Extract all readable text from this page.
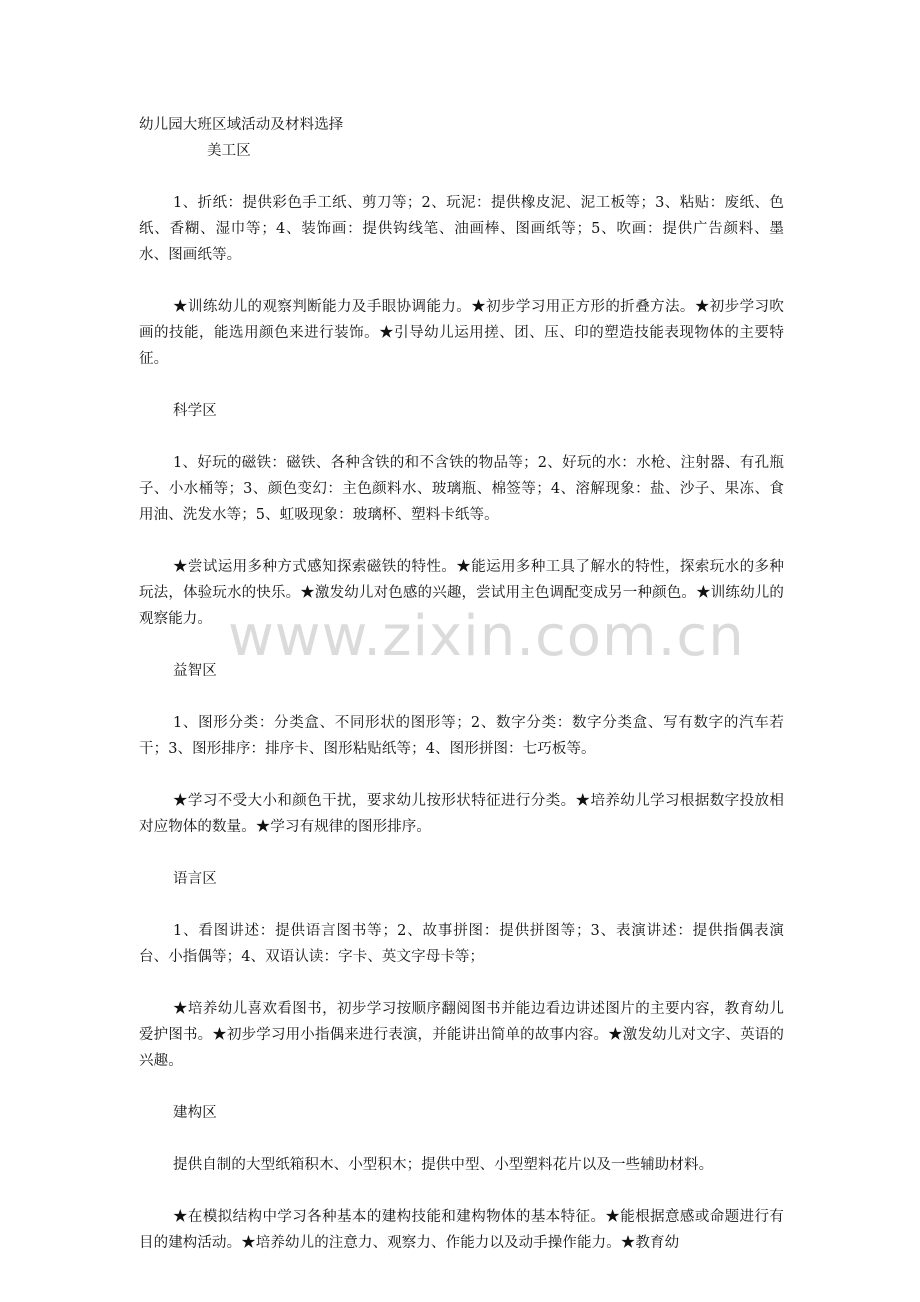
幼儿园大班区域活动及材料选择

美工区

1、折纸：提供彩色手工纸、剪刀等；2、玩泥：提供橡皮泥、泥工板等；3、粘贴：废纸、色纸、香糊、湿巾等；4、装饰画：提供钩线笔、油画棒、图画纸等；5、吹画：提供广告颜料、墨水、图画纸等。

★训练幼儿的观察判断能力及手眼协调能力。★初步学习用正方形的折叠方法。★初步学习吹画的技能，能选用颜色来进行装饰。★引导幼儿运用搓、团、压、印的塑造技能表现物体的主要特征。

科学区

1、好玩的磁铁：磁铁、各种含铁的和不含铁的物品等；2、好玩的水：水枪、注射器、有孔瓶子、小水桶等；3、颜色变幻：主色颜料水、玻璃瓶、棉签等；4、溶解现象：盐、沙子、果冻、食用油、洗发水等；5、虹吸现象：玻璃杯、塑料卡纸等。

★尝试运用多种方式感知探索磁铁的特性。★能运用多种工具了解水的特性，探索玩水的多种玩法，体验玩水的快乐。★激发幼儿对色感的兴趣，尝试用主色调配变成另一种颜色。★训练幼儿的观察能力。

益智区

1、图形分类：分类盒、不同形状的图形等；2、数字分类：数字分类盒、写有数字的汽车若干；3、图形排序：排序卡、图形粘贴纸等；4、图形拼图：七巧板等。

★学习不受大小和颜色干扰，要求幼儿按形状特征进行分类。★培养幼儿学习根据数字投放相对应物体的数量。★学习有规律的图形排序。

语言区

1、看图讲述：提供语言图书等；2、故事拼图：提供拼图等；3、表演讲述：提供指偶表演台、小指偶等；4、双语认读：字卡、英文字母卡等；

★培养幼儿喜欢看图书，初步学习按顺序翻阅图书并能边看边讲述图片的主要内容，教育幼儿爱护图书。★初步学习用小指偶来进行表演，并能讲出简单的故事内容。★激发幼儿对文字、英语的兴趣。

建构区

提供自制的大型纸箱积木、小型积木；提供中型、小型塑料花片以及一些辅助材料。

★在模拟结构中学习各种基本的建构技能和建构物体的基本特征。★能根据意感或命题进行有目的建构活动。★培养幼儿的注意力、观察力、作能力以及动手操作能力。★教育幼

www.zixin.com.cn
